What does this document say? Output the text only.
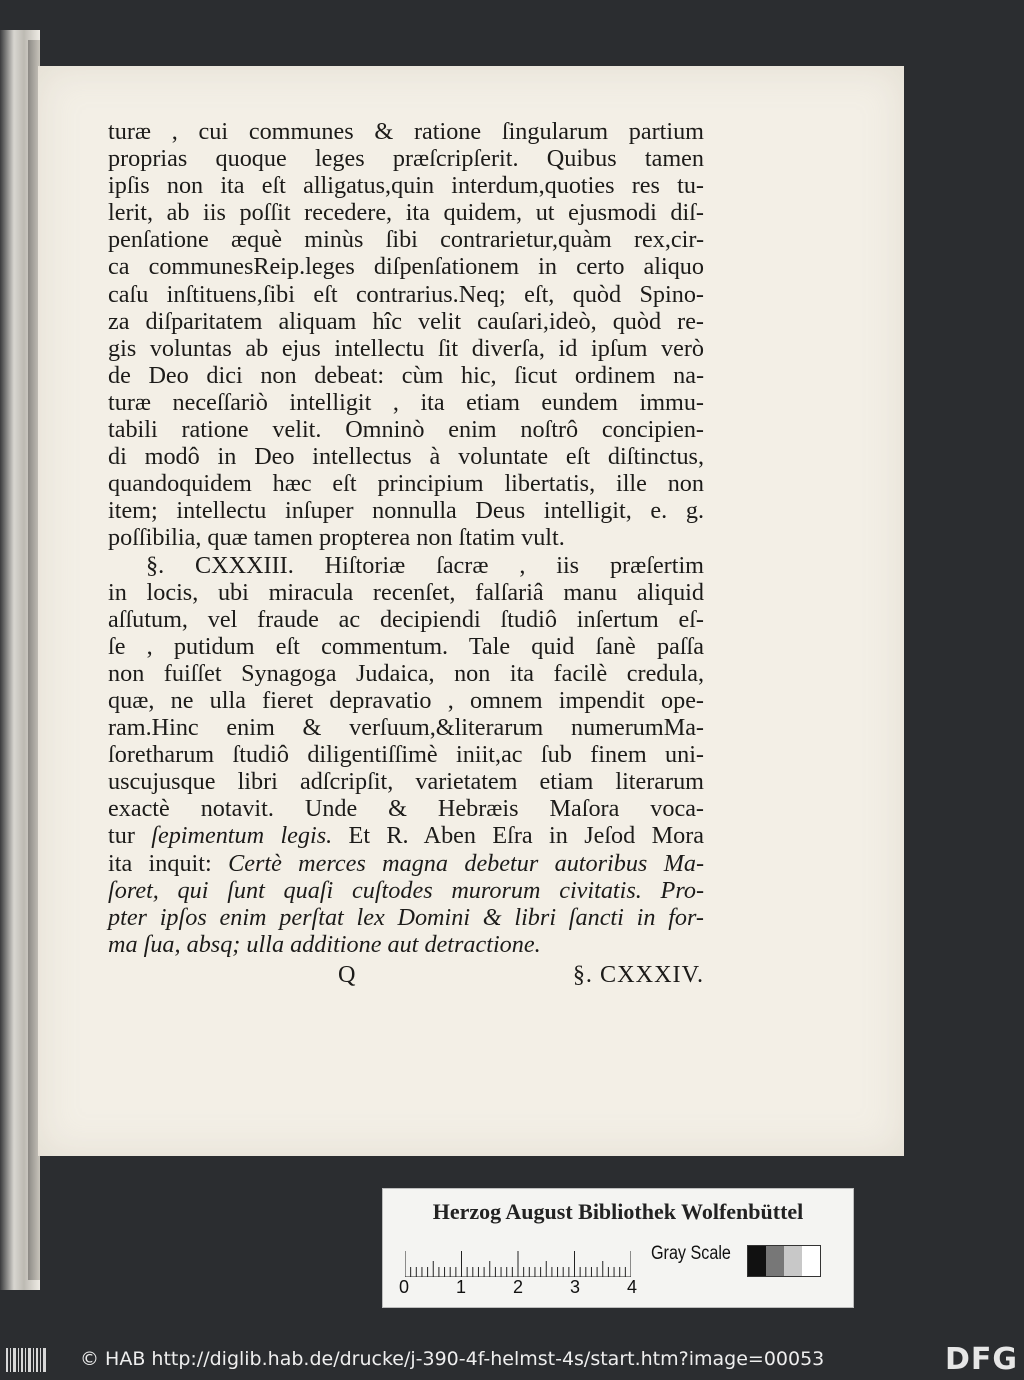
turæ , cui communes & ratione ſingularum partium
proprias quoque leges præſcripſerit. Quibus tamen
ipſis non ita eſt alligatus,quin interdum,quoties res tu-
lerit, ab iis poſſit recedere, ita quidem, ut ejusmodi diſ-
penſatione æquè minùs ſibi contrarietur,quàm rex,cir-
ca communesReip.leges diſpenſationem in certo aliquo
caſu inſtituens,ſibi eſt contrarius.Neq; eſt, quòd Spino-
za diſparitatem aliquam hîc velit cauſari,ideò, quòd re-
gis voluntas ab ejus intellectu ſit diverſa, id ipſum verò
de Deo dici non debeat: cùm hic, ſicut ordinem na-
turæ neceſſariò intelligit , ita etiam eundem immu-
tabili ratione velit. Omninò enim noſtrô concipien-
di modô in Deo intellectus à voluntate eſt diſtinctus,
quandoquidem hæc eſt principium libertatis, ille non
item; intellectu inſuper nonnulla Deus intelligit, e. g.
poſſibilia, quæ tamen propterea non ſtatim vult.
§. CXXXIII. Hiſtoriæ ſacræ , iis præſertim
in locis, ubi miracula recenſet, falſariâ manu aliquid
aſſutum, vel fraude ac decipiendi ſtudiô inſertum eſ-
ſe , putidum eſt commentum. Tale quid ſanè paſſa
non fuiſſet Synagoga Judaica, non ita facilè credula,
quæ, ne ulla fieret depravatio , omnem impendit ope-
ram.Hinc enim & verſuum,&literarum numerumMa-
ſoretharum ſtudiô diligentiſſimè iniit,ac ſub finem uni-
uscujusque libri adſcripſit, varietatem etiam literarum
exactè notavit. Unde & Hebræis Maſora voca-
tur ſepimentum legis. Et R. Aben Eſra in Jeſod Mora
ita inquit: Certè merces magna debetur autoribus Ma-
ſoret, qui ſunt quaſi cuſtodes murorum civitatis. Pro-
pter ipſos enim perſtat lex Domini & libri ſancti in for-
ma ſua, absq; ulla additione aut detractione.
Q	§. CXXXIV.
Herzog August Bibliothek Wolfenbüttel
0	1	2	3	4
Gray Scale
© HAB http://diglib.hab.de/drucke/j-390-4f-helmst-4s/start.htm?image=00053	DFG
